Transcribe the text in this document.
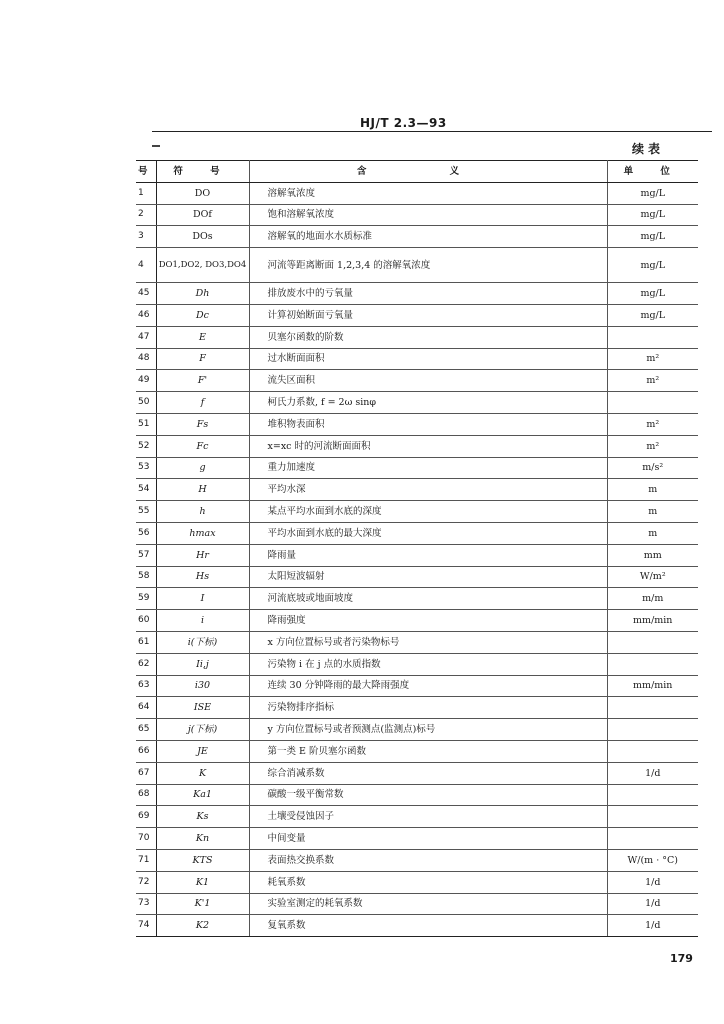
HJ/T 2.3—93
续表
号	符 号	含 义	单 位
1	DO	溶解氧浓度	mg/L
2	DOf	饱和溶解氧浓度	mg/L
3	DOs	溶解氧的地面水水质标准	mg/L
4	DO1,DO2, DO3,DO4	河流等距离断面 1,2,3,4 的溶解氧浓度	mg/L
45	Dh	排放废水中的亏氧量	mg/L
46	Dc	计算初始断面亏氧量	mg/L
47	E	贝塞尔函数的阶数	
48	F	过水断面面积	m²
49	F'	流失区面积	m²
50	f	柯氏力系数, f = 2ω sinφ	
51	Fs	堆积物表面积	m²
52	Fc	x=xc 时的河流断面面积	m²
53	g	重力加速度	m/s²
54	H	平均水深	m
55	h	某点平均水面到水底的深度	m
56	hmax	平均水面到水底的最大深度	m
57	Hr	降雨量	mm
58	Hs	太阳短波辐射	W/m²
59	I	河流底坡或地面坡度	m/m
60	i	降雨强度	mm/min
61	i(下标)	x 方向位置标号或者污染物标号	
62	Ii,j	污染物 i 在 j 点的水质指数	
63	i30	连续 30 分钟降雨的最大降雨强度	mm/min
64	ISE	污染物排序指标	
65	j(下标)	y 方向位置标号或者预测点(监测点)标号	
66	JE	第一类 E 阶贝塞尔函数	
67	K	综合消减系数	1/d
68	Ka1	碳酸一级平衡常数	
69	Ks	土壤受侵蚀因子	
70	Kn	中间变量	
71	KTS	表面热交换系数	W/(m · °C)
72	K1	耗氧系数	1/d
73	K'1	实验室测定的耗氧系数	1/d
74	K2	复氧系数	1/d
179
